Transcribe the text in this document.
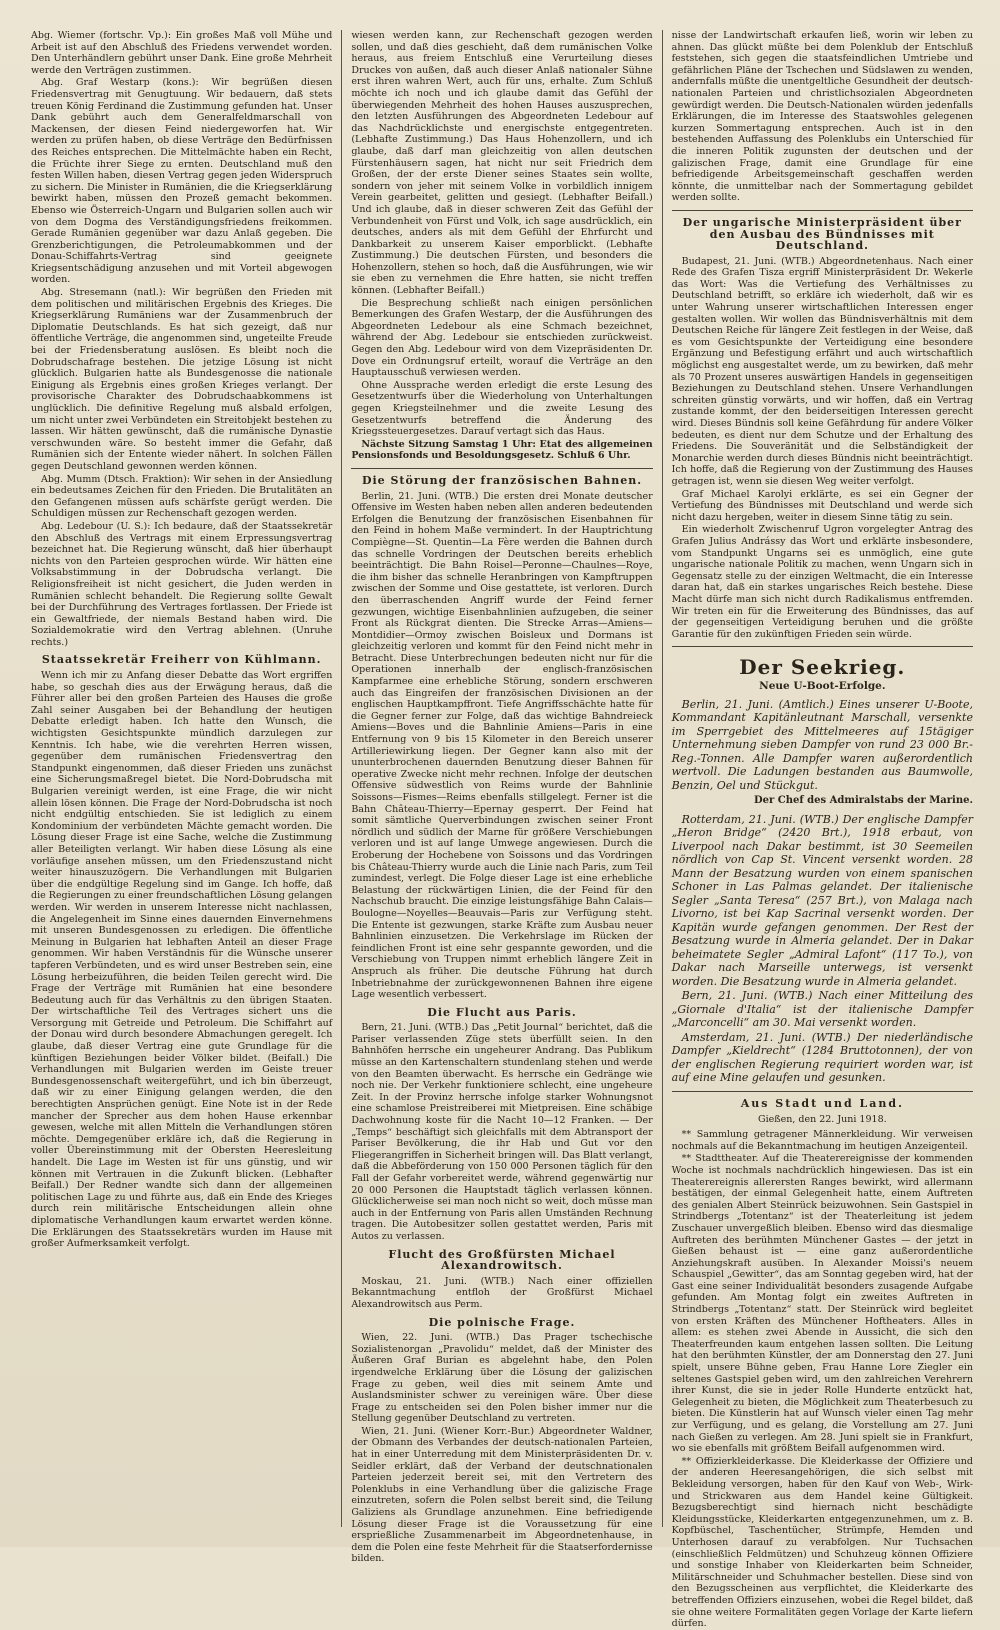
Abg. Wiemer (fortschr. Vp.): Ein großes Maß voll Mühe und Arbeit ist auf den Abschluß des Friedens verwendet worden. Den Unterhändlern gebührt unser Dank. Eine große Mehrheit werde den Verträgen zustimmen.

Abg. Graf Westarp (kons.): Wir begrüßen diesen Friedensvertrag mit Genugtuung. Wir bedauern, daß stets treuen König Ferdinand die Zustimmung gefunden hat. Unser Dank gebührt auch dem Generalfeldmarschall von Mackensen, der diesen Feind niedergeworfen hat. Wir werden zu prüfen haben, ob diese Verträge den Bedürfnissen des Reiches entsprechen. Die Mittelmächte haben ein Recht, die Früchte ihrer Siege zu ernten. Deutschland muß den festen Willen haben, diesen Vertrag gegen jeden Widerspruch zu sichern. Die Minister in Rumänien, die die Kriegserklärung bewirkt haben, müssen den Prozeß gemacht bekommen. Ebenso wie Österreich-Ungarn und Bulgarien sollen auch wir von dem Dogma des Verständigungsfriedens freikommen. Gerade Rumänien gegenüber war dazu Anlaß gegeben. Die Grenzberichtigungen, die Petroleumabkommen und der Donau-Schiffahrts-Vertrag sind geeignete Kriegsentschädigung anzusehen und mit Vorteil abgewogen worden.

Abg. Stresemann (natl.): Wir begrüßen den Frieden mit dem politischen und militärischen Ergebnis des Krieges. Die Kriegserklärung Rumäniens war der Zusammenbruch der Diplomatie Deutschlands. Es hat sich gezeigt, daß nur öffentliche Verträge, die angenommen sind, ungeteilte Freude bei der Friedensberatung auslösen. Es bleibt noch die Dobrudschafrage bestehen. Die jetzige Lösung ist nicht glücklich. Bulgarien hatte als Bundesgenosse die nationale Einigung als Ergebnis eines großen Krieges verlangt. Der provisorische Charakter des Dobrudschaabkommens ist unglücklich. Die definitive Regelung muß alsbald erfolgen, um nicht unter zwei Verbündeten ein Streitobjekt bestehen zu lassen. Wir hätten gewünscht, daß die rumänische Dynastie verschwunden wäre. So besteht immer die Gefahr, daß Rumänien sich der Entente wieder nähert. In solchen Fällen gegen Deutschland gewonnen werden können.

Abg. Mumm (Dtsch. Fraktion): Wir sehen in der Ansiedlung ein bedeutsames Zeichen für den Frieden. Die Brutalitäten an den Gefangenen müssen aufs schärfste gerügt werden. Die Schuldigen müssen zur Rechenschaft gezogen werden.

Abg. Ledebour (U. S.): Ich bedaure, daß der Staatssekretär den Abschluß des Vertrags mit einem Erpressungsvertrag bezeichnet hat. Die Regierung wünscht, daß hier überhaupt nichts von den Parteien gesprochen würde. Wir hätten eine Volksabstimmung in der Dobrudscha verlangt. Die Religionsfreiheit ist nicht gesichert, die Juden werden in Rumänien schlecht behandelt. Die Regierung sollte Gewalt bei der Durchführung des Vertrages fortlassen. Der Friede ist ein Gewaltfriede, der niemals Bestand haben wird. Die Sozialdemokratie wird den Vertrag ablehnen. (Unruhe rechts.)

Staatssekretär Freiherr von Kühlmann.

Wenn ich mir zu Anfang dieser Debatte das Wort ergriffen habe, so geschah dies aus der Erwägung heraus, daß die Führer aller bei den großen Parteien des Hauses die große Zahl seiner Ausgaben bei der Behandlung der heutigen Debatte erledigt haben. Ich hatte den Wunsch, die wichtigsten Gesichtspunkte mündlich darzulegen zur Kenntnis. Ich habe, wie die verehrten Herren wissen, gegenüber dem rumänischen Friedensvertrag den Standpunkt eingenommen, daß dieser Frieden uns zunächst eine Sicherungsmaßregel bietet. Die Nord-Dobrudscha mit Bulgarien vereinigt werden, ist eine Frage, die wir nicht allein lösen können. Die Frage der Nord-Dobrudscha ist noch nicht endgültig entschieden. Sie ist lediglich zu einem Kondominium der verbündeten Mächte gemacht worden. Die Lösung dieser Frage ist eine Sache, welche die Zustimmung aller Beteiligten verlangt. Wir haben diese Lösung als eine vorläufige ansehen müssen, um den Friedenszustand nicht weiter hinauszuzögern. Die Verhandlungen mit Bulgarien über die endgültige Regelung sind im Gange. Ich hoffe, daß die Regierungen zu einer freundschaftlichen Lösung gelangen werden. Wir werden in unserem Interesse nicht nachlassen, die Angelegenheit im Sinne eines dauernden Einvernehmens mit unseren Bundesgenossen zu erledigen. Die öffentliche Meinung in Bulgarien hat lebhaften Anteil an dieser Frage genommen. Wir haben Verständnis für die Wünsche unserer tapferen Verbündeten, und es wird unser Bestreben sein, eine Lösung herbeizuführen, die beiden Teilen gerecht wird. Die Frage der Verträge mit Rumänien hat eine besondere Bedeutung auch für das Verhältnis zu den übrigen Staaten. Der wirtschaftliche Teil des Vertrages sichert uns die Versorgung mit Getreide und Petroleum. Die Schiffahrt auf der Donau wird durch besondere Abmachungen geregelt. Ich glaube, daß dieser Vertrag eine gute Grundlage für die künftigen Beziehungen beider Völker bildet. (Beifall.) Die Verhandlungen mit Bulgarien werden im Geiste treuer Bundesgenossenschaft weitergeführt, und ich bin überzeugt, daß wir zu einer Einigung gelangen werden, die den berechtigten Ansprüchen genügt. Eine Note ist in der Rede mancher der Sprecher aus dem hohen Hause erkennbar gewesen, welche mit allen Mitteln die Verhandlungen stören möchte. Demgegenüber erkläre ich, daß die Regierung in voller Übereinstimmung mit der Obersten Heeresleitung handelt. Die Lage im Westen ist für uns günstig, und wir können mit Vertrauen in die Zukunft blicken. (Lebhafter Beifall.) Der Redner wandte sich dann der allgemeinen politischen Lage zu und führte aus, daß ein Ende des Krieges durch rein militärische Entscheidungen allein ohne diplomatische Verhandlungen kaum erwartet werden könne. Die Erklärungen des Staatssekretärs wurden im Hause mit großer Aufmerksamkeit verfolgt.

wiesen werden kann, zur Rechenschaft gezogen werden sollen, und daß dies geschieht, daß dem rumänischen Volke heraus, aus freiem Entschluß eine Verurteilung dieses Druckes von außen, daß auch dieser Anlaß nationaler Sühne erst ihren wahren Wert, auch für uns, erhalte. Zum Schluß möchte ich noch und ich glaube damit das Gefühl der überwiegenden Mehrheit des hohen Hauses auszusprechen, den letzten Ausführungen des Abgeordneten Ledebour auf das Nachdrücklichste und energischste entgegentreten. (Lebhafte Zustimmung.) Das Haus Hohenzollern, und ich glaube, daß darf man gleichzeitig von allen deutschen Fürstenhäusern sagen, hat nicht nur seit Friedrich dem Großen, der der erste Diener seines Staates sein wollte, sondern von jeher mit seinem Volke in vorbildlich innigem Verein gearbeitet, gelitten und gesiegt. (Lebhafter Beifall.) Und ich glaube, daß in dieser schweren Zeit das Gefühl der Verbundenheit von Fürst und Volk, ich sage ausdrücklich, ein deutsches, anders als mit dem Gefühl der Ehrfurcht und Dankbarkeit zu unserem Kaiser emporblickt. (Lebhafte Zustimmung.) Die deutschen Fürsten, und besonders die Hohenzollern, stehen so hoch, daß die Ausführungen, wie wir sie eben zu vernehmen die Ehre hatten, sie nicht treffen können. (Lebhafter Beifall.)

Die Besprechung schließt nach einigen persönlichen Bemerkungen des Grafen Westarp, der die Ausführungen des Abgeordneten Ledebour als eine Schmach bezeichnet, während der Abg. Ledebour sie entschieden zurückweist. Gegen den Abg. Ledebour wird von dem Vizepräsidenten Dr. Dove ein Ordnungsruf erteilt, worauf die Verträge an den Hauptausschuß verwiesen werden.

Ohne Aussprache werden erledigt die erste Lesung des Gesetzentwurfs über die Wiederholung von Unterhaltungen gegen Kriegsteilnehmer und die zweite Lesung des Gesetzentwurfs betreffend die Änderung des Kriegssteuergesetzes. Darauf vertagt sich das Haus.

Nächste Sitzung Samstag 1 Uhr: Etat des allgemeinen Pensionsfonds und Besoldungsgesetz. Schluß 6 Uhr.

Die Störung der französischen Bahnen.

Berlin, 21. Juni. (WTB.) Die ersten drei Monate deutscher Offensive im Westen haben neben allen anderen bedeutenden Erfolgen die Benutzung der französischen Eisenbahnen für den Feind in hohem Maße vermindert. In der Hauptrichtung Compiègne—St. Quentin—La Fère werden die Bahnen durch das schnelle Vordringen der Deutschen bereits erheblich beeinträchtigt. Die Bahn Roisel—Peronne—Chaulnes—Roye, die ihm bisher das schnelle Heranbringen von Kampftruppen zwischen der Somme und Oise gestattete, ist verloren. Durch den überraschenden Angriff wurde der Feind ferner gezwungen, wichtige Eisenbahnlinien aufzugeben, die seiner Front als Rückgrat dienten. Die Strecke Arras—Amiens—Montdidier—Ormoy zwischen Boisleux und Dormans ist gleichzeitig verloren und kommt für den Feind nicht mehr in Betracht. Diese Unterbrechungen bedeuten nicht nur für die Operationen innerhalb der englisch-französischen Kampfarmee eine erhebliche Störung, sondern erschweren auch das Eingreifen der französischen Divisionen an der englischen Hauptkampffront. Tiefe Angriffsschächte hatte für die Gegner ferner zur Folge, daß das wichtige Bahndreieck Amiens—Boves und die Bahnlinie Amiens—Paris in eine Entfernung von 9 bis 15 Kilometer in den Bereich unserer Artilleriewirkung liegen. Der Gegner kann also mit der ununterbrochenen dauernden Benutzung dieser Bahnen für operative Zwecke nicht mehr rechnen. Infolge der deutschen Offensive südwestlich von Reims wurde der Bahnlinie Soissons—Fismes—Reims ebenfalls stillgelegt. Ferner ist die Bahn Château-Thierry—Epernay gesperrt. Der Feind hat somit sämtliche Querverbindungen zwischen seiner Front nördlich und südlich der Marne für größere Verschiebungen verloren und ist auf lange Umwege angewiesen. Durch die Eroberung der Hochebene von Soissons und das Vordringen bis Château-Thierry wurde auch die Linie nach Paris, zum Teil zumindest, verlegt. Die Folge dieser Lage ist eine erhebliche Belastung der rückwärtigen Linien, die der Feind für den Nachschub braucht. Die einzige leistungsfähige Bahn Calais—Boulogne—Noyelles—Beauvais—Paris zur Verfügung steht. Die Entente ist gezwungen, starke Kräfte zum Ausbau neuer Bahnlinien einzusetzen. Die Verkehrslage im Rücken der feindlichen Front ist eine sehr gespannte geworden, und die Verschiebung von Truppen nimmt erheblich längere Zeit in Anspruch als früher. Die deutsche Führung hat durch Inbetriebnahme der zurückgewonnenen Bahnen ihre eigene Lage wesentlich verbessert.

Die Flucht aus Paris.

Bern, 21. Juni. (WTB.) Das „Petit Journal“ berichtet, daß die Pariser verlassenden Züge stets überfüllt seien. In den Bahnhöfen herrsche ein ungeheurer Andrang. Das Publikum müsse an den Kartenschaltern stundenlang stehen und werde von den Beamten überwacht. Es herrsche ein Gedränge wie noch nie. Der Verkehr funktioniere schlecht, eine ungeheure Zeit. In der Provinz herrsche infolge starker Wohnungsnot eine schamlose Preistreiberei mit Mietpreisen. Eine schäbige Dachwohnung koste für die Nacht 10—12 Franken. — Der „Temps“ beschäftigt sich gleichfalls mit dem Abtransport der Pariser Bevölkerung, die ihr Hab und Gut vor den Fliegerangriffen in Sicherheit bringen will. Das Blatt verlangt, daß die Abbeförderung von 150 000 Personen täglich für den Fall der Gefahr vorbereitet werde, während gegenwärtig nur 20 000 Personen die Hauptstadt täglich verlassen können. Glücklicherweise sei man noch nicht so weit, doch müsse man auch in der Entfernung von Paris allen Umständen Rechnung tragen. Die Autobesitzer sollen gestattet werden, Paris mit Autos zu verlassen.

Flucht des Großfürsten Michael Alexandrowitsch.

Moskau, 21. Juni. (WTB.) Nach einer offiziellen Bekanntmachung entfloh der Großfürst Michael Alexandrowitsch aus Perm.

Die polnische Frage.

Wien, 22. Juni. (WTB.) Das Prager tschechische Sozialistenorgan „Pravolidu“ meldet, daß der Minister des Äußeren Graf Burian es abgelehnt habe, den Polen irgendwelche Erklärung über die Lösung der galizischen Frage zu geben, weil dies mit seinem Amte und Auslandsminister schwer zu vereinigen wäre. Über diese Frage zu entscheiden sei den Polen bisher immer nur die Stellung gegenüber Deutschland zu vertreten.

Wien, 21. Juni. (Wiener Korr.-Bur.) Abgeordneter Waldner, der Obmann des Verbandes der deutsch-nationalen Parteien, hat in einer Unterredung mit dem Ministerpräsidenten Dr. v. Seidler erklärt, daß der Verband der deutschnationalen Parteien jederzeit bereit sei, mit den Vertretern des Polenklubs in eine Verhandlung über die galizische Frage einzutreten, sofern die Polen selbst bereit sind, die Teilung Galiziens als Grundlage anzunehmen. Eine befriedigende Lösung dieser Frage ist die Voraussetzung für eine ersprießliche Zusammenarbeit im Abgeordnetenhause, in dem die Polen eine feste Mehrheit für die Staatserfordernisse bilden.

nisse der Landwirtschaft erkaufen ließ, worin wir leben zu ahnen. Das glückt müßte bei dem Polenklub der Entschluß feststehen, sich gegen die staatsfeindlichen Umtriebe und gefährlichen Pläne der Tschechen und Südslawen zu wenden, andernfalls müßte die unentgeltliche Gesundheit der deutsch-nationalen Parteien und christlichsozialen Abgeordneten gewürdigt werden. Die Deutsch-Nationalen würden jedenfalls Erklärungen, die im Interesse des Staatswohles gelegenen kurzen Sommertagung entsprechen. Auch ist in den bestehenden Auffassung des Polenklubs ein Unterschied für die inneren Politik zugunsten der deutschen und der galizischen Frage, damit eine Grundlage für eine befriedigende Arbeitsgemeinschaft geschaffen werden könnte, die unmittelbar nach der Sommertagung gebildet werden sollte.

Der ungarische Ministerpräsident über den Ausbau des Bündnisses mit Deutschland.

Budapest, 21. Juni. (WTB.) Abgeordnetenhaus. Nach einer Rede des Grafen Tisza ergriff Ministerpräsident Dr. Wekerle das Wort: Was die Vertiefung des Verhältnisses zu Deutschland betrifft, so erkläre ich wiederholt, daß wir es unter Wahrung unserer wirtschaftlichen Interessen enger gestalten wollen. Wir wollen das Bündnisverhältnis mit dem Deutschen Reiche für längere Zeit festlegen in der Weise, daß es vom Gesichtspunkte der Verteidigung eine besondere Ergänzung und Befestigung erfährt und auch wirtschaftlich möglichst eng ausgestaltet werde, um zu bewirken, daß mehr als 70 Prozent unseres auswärtigen Handels in gegenseitigen Beziehungen zu Deutschland stehen. Unsere Verhandlungen schreiten günstig vorwärts, und wir hoffen, daß ein Vertrag zustande kommt, der den beiderseitigen Interessen gerecht wird. Dieses Bündnis soll keine Gefährdung für andere Völker bedeuten, es dient nur dem Schutze und der Erhaltung des Friedens. Die Souveränität und die Selbständigkeit der Monarchie werden durch dieses Bündnis nicht beeinträchtigt. Ich hoffe, daß die Regierung von der Zustimmung des Hauses getragen ist, wenn sie diesen Weg weiter verfolgt.

Graf Michael Karolyi erklärte, es sei ein Gegner der Vertiefung des Bündnisses mit Deutschland und werde sich nicht dazu hergeben, weiter in diesem Sinne tätig zu sein.

Ein wiederholt Zwischenruf Ugron vorgelegter Antrag des Grafen Julius Andrássy das Wort und erklärte insbesondere, vom Standpunkt Ungarns sei es unmöglich, eine gute ungarische nationale Politik zu machen, wenn Ungarn sich in Gegensatz stelle zu der einzigen Weltmacht, die ein Interesse daran hat, daß ein starkes ungarisches Reich bestehe. Diese Macht dürfe man sich nicht durch Radikalismus entfremden. Wir treten ein für die Erweiterung des Bündnisses, das auf der gegenseitigen Verteidigung beruhen und die größte Garantie für den zukünftigen Frieden sein würde.

Der Seekrieg.
Neue U-Boot-Erfolge.

Berlin, 21. Juni. (Amtlich.) Eines unserer U-Boote, Kommandant Kapitänleutnant Marschall, versenkte im Sperrgebiet des Mittelmeeres auf 15tägiger Unternehmung sieben Dampfer von rund 23 000 Br.-Reg.-Tonnen. Alle Dampfer waren außerordentlich wertvoll. Die Ladungen bestanden aus Baumwolle, Benzin, Oel und Stückgut.

Der Chef des Admiralstabs der Marine.

Rotterdam, 21. Juni. (WTB.) Der englische Dampfer „Heron Bridge“ (2420 Brt.), 1918 erbaut, von Liverpool nach Dakar bestimmt, ist 30 Seemeilen nördlich von Cap St. Vincent versenkt worden. 28 Mann der Besatzung wurden von einem spanischen Schoner in Las Palmas gelandet. Der italienische Segler „Santa Teresa“ (257 Brt.), von Malaga nach Livorno, ist bei Kap Sacrinal versenkt worden. Der Kapitän wurde gefangen genommen. Der Rest der Besatzung wurde in Almeria gelandet. Der in Dakar beheimatete Segler „Admiral Lafont“ (117 To.), von Dakar nach Marseille unterwegs, ist versenkt worden. Die Besatzung wurde in Almeria gelandet.

Bern, 21. Juni. (WTB.) Nach einer Mitteilung des „Giornale d'Italia“ ist der italienische Dampfer „Marconcelli“ am 30. Mai versenkt worden.

Amsterdam, 21. Juni. (WTB.) Der niederländische Dampfer „Kieldrecht“ (1284 Bruttotonnen), der von der englischen Regierung requiriert worden war, ist auf eine Mine gelaufen und gesunken.

Aus Stadt und Land.
Gießen, den 22. Juni 1918.

** Sammlung getragener Männerkleidung. Wir verweisen nochmals auf die Bekanntmachung im heutigen Anzeigenteil.

** Stadttheater. Auf die Theaterereignisse der kommenden Woche ist nochmals nachdrücklich hingewiesen. Das ist ein Theaterereignis allerersten Ranges bewirkt, wird allermann bestätigen, der einmal Gelegenheit hatte, einem Auftreten des genialen Albert Steinrück beizuwohnen. Sein Gastspiel in Strindbergs „Totentanz“ ist der Theaterleitung ist jedem Zuschauer unvergeßlich bleiben. Ebenso wird das diesmalige Auftreten des berühmten Münchener Gastes — der jetzt in Gießen behaust ist — eine ganz außerordentliche Anziehungskraft ausüben. In Alexander Moissi's neuem Schauspiel „Gewitter“, das am Sonntag gegeben wird, hat der Gast eine seiner Individualität besonders zusagende Aufgabe gefunden. Am Montag folgt ein zweites Auftreten in Strindbergs „Totentanz“ statt. Der Steinrück wird begleitet von ersten Kräften des Münchener Hoftheaters. Alles in allem: es stehen zwei Abende in Aussicht, die sich den Theaterfreunden kaum entgehen lassen sollten. Die Leitung hat den berühmten Künstler, der am Donnerstag den 27. Juni spielt, unsere Bühne geben, Frau Hanne Lore Ziegler ein seltenes Gastspiel geben wird, um den zahlreichen Verehrern ihrer Kunst, die sie in jeder Rolle Hunderte entzückt hat, Gelegenheit zu bieten, die Möglichkeit zum Theaterbesuch zu bieten. Die Künstlerin hat auf Wunsch vieler einen Tag mehr zur Verfügung, und es gelang, die Vorstellung am 27. Juni nach Gießen zu verlegen. Am 28. Juni spielt sie in Frankfurt, wo sie ebenfalls mit größtem Beifall aufgenommen wird.

** Offizierkleiderkasse. Die Kleiderkasse der Offiziere und der anderen Heeresangehörigen, die sich selbst mit Bekleidung versorgen, haben für den Kauf von Web-, Wirk- und Strickwaren aus dem Handel keine Gültigkeit. Bezugsberechtigt sind hiernach nicht beschädigte Kleidungsstücke, Kleiderkarten entgegenzunehmen, um z. B. Kopfbüschel, Taschentücher, Strümpfe, Hemden und Unterhosen darauf zu verabfolgen. Nur Tuchsachen (einschließlich Feldmützen) und Schuhzeug können Offiziere und sonstige Inhaber von Kleiderkarten beim Schneider, Militärschneider und Schuhmacher bestellen. Diese sind von den Bezugsscheinen aus verpflichtet, die Kleiderkarte des betreffenden Offiziers einzusehen, wobei die Regel bildet, daß sie ohne weitere Formalitäten gegen Vorlage der Karte liefern dürfen.
